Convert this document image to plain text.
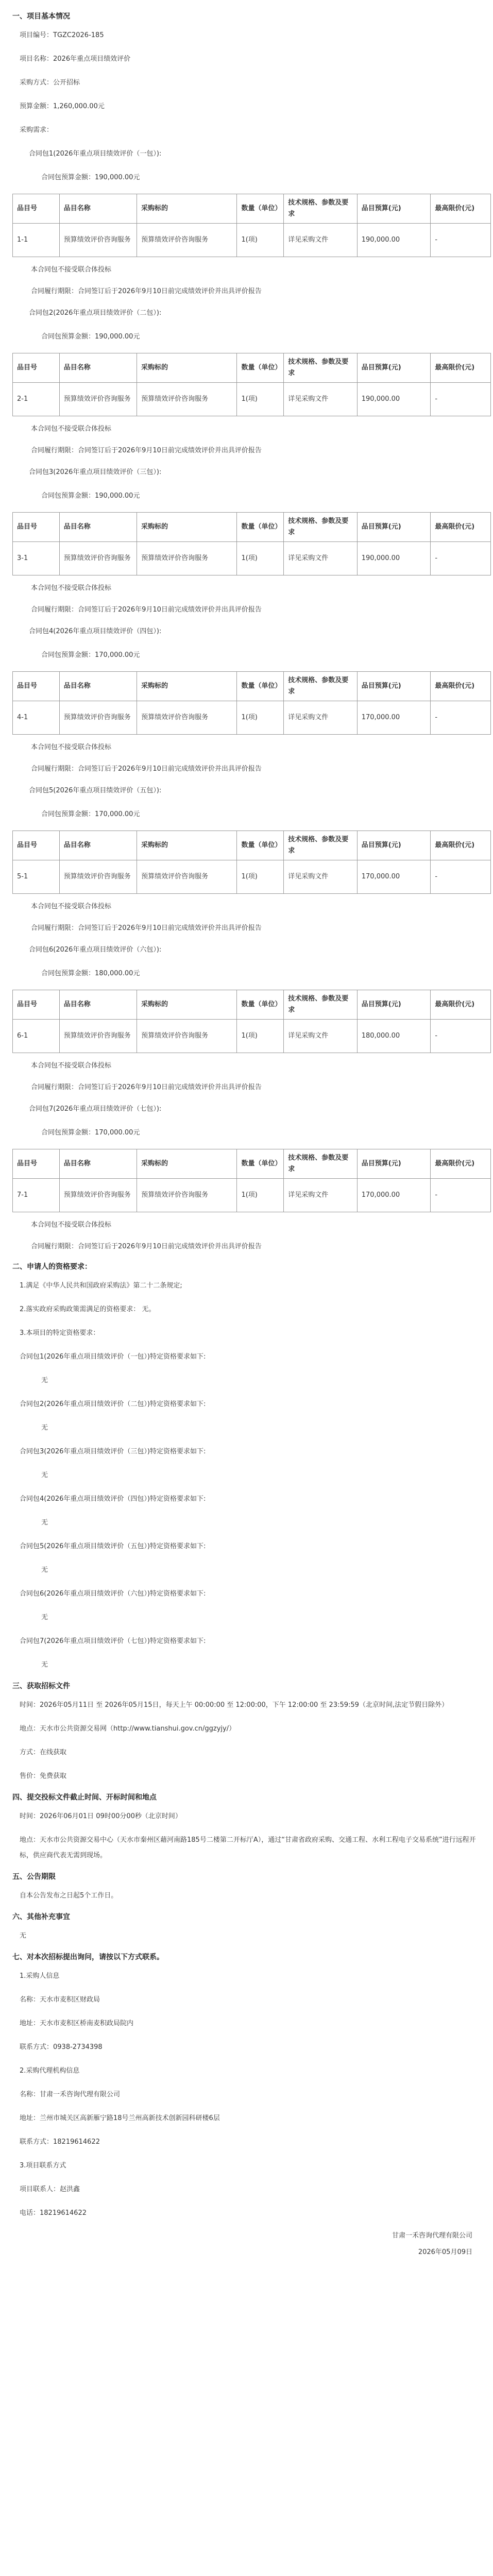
一、项目基本情况
项目编号：TGZC2026-185
项目名称：2026年重点项目绩效评价
采购方式：公开招标
预算金额：1,260,000.00元
采购需求：
合同包1(2026年重点项目绩效评价（一包）):
合同包预算金额：190,000.00元
品目号	品目名称	采购标的	数量（单位）	技术规格、参数及要求	品目预算(元)	最高限价(元)
1-1	预算绩效评价咨询服务	预算绩效评价咨询服务	1(项)	详见采购文件	190,000.00	-
本合同包不接受联合体投标
合同履行期限：合同签订后于2026年9月10日前完成绩效评价并出具评价报告
合同包2(2026年重点项目绩效评价（二包）):
合同包预算金额：190,000.00元
品目号	品目名称	采购标的	数量（单位）	技术规格、参数及要求	品目预算(元)	最高限价(元)
2-1	预算绩效评价咨询服务	预算绩效评价咨询服务	1(项)	详见采购文件	190,000.00	-
本合同包不接受联合体投标
合同履行期限：合同签订后于2026年9月10日前完成绩效评价并出具评价报告
合同包3(2026年重点项目绩效评价（三包）):
合同包预算金额：190,000.00元
品目号	品目名称	采购标的	数量（单位）	技术规格、参数及要求	品目预算(元)	最高限价(元)
3-1	预算绩效评价咨询服务	预算绩效评价咨询服务	1(项)	详见采购文件	190,000.00	-
本合同包不接受联合体投标
合同履行期限：合同签订后于2026年9月10日前完成绩效评价并出具评价报告
合同包4(2026年重点项目绩效评价（四包）):
合同包预算金额：170,000.00元
品目号	品目名称	采购标的	数量（单位）	技术规格、参数及要求	品目预算(元)	最高限价(元)
4-1	预算绩效评价咨询服务	预算绩效评价咨询服务	1(项)	详见采购文件	170,000.00	-
本合同包不接受联合体投标
合同履行期限：合同签订后于2026年9月10日前完成绩效评价并出具评价报告
合同包5(2026年重点项目绩效评价（五包）):
合同包预算金额：170,000.00元
品目号	品目名称	采购标的	数量（单位）	技术规格、参数及要求	品目预算(元)	最高限价(元)
5-1	预算绩效评价咨询服务	预算绩效评价咨询服务	1(项)	详见采购文件	170,000.00	-
本合同包不接受联合体投标
合同履行期限：合同签订后于2026年9月10日前完成绩效评价并出具评价报告
合同包6(2026年重点项目绩效评价（六包）):
合同包预算金额：180,000.00元
品目号	品目名称	采购标的	数量（单位）	技术规格、参数及要求	品目预算(元)	最高限价(元)
6-1	预算绩效评价咨询服务	预算绩效评价咨询服务	1(项)	详见采购文件	180,000.00	-
本合同包不接受联合体投标
合同履行期限：合同签订后于2026年9月10日前完成绩效评价并出具评价报告
合同包7(2026年重点项目绩效评价（七包）):
合同包预算金额：170,000.00元
品目号	品目名称	采购标的	数量（单位）	技术规格、参数及要求	品目预算(元)	最高限价(元)
7-1	预算绩效评价咨询服务	预算绩效评价咨询服务	1(项)	详见采购文件	170,000.00	-
本合同包不接受联合体投标
合同履行期限：合同签订后于2026年9月10日前完成绩效评价并出具评价报告
二、申请人的资格要求：
1.满足《中华人民共和国政府采购法》第二十二条规定;
2.落实政府采购政策需满足的资格要求： 无。
3.本项目的特定资格要求：
合同包1(2026年重点项目绩效评价（一包）)特定资格要求如下:
无
合同包2(2026年重点项目绩效评价（二包）)特定资格要求如下:
无
合同包3(2026年重点项目绩效评价（三包）)特定资格要求如下:
无
合同包4(2026年重点项目绩效评价（四包）)特定资格要求如下:
无
合同包5(2026年重点项目绩效评价（五包）)特定资格要求如下:
无
合同包6(2026年重点项目绩效评价（六包）)特定资格要求如下:
无
合同包7(2026年重点项目绩效评价（七包）)特定资格要求如下:
无
三、获取招标文件
时间：2026年05月11日 至 2026年05月15日，每天上午 00:00:00 至 12:00:00，下午 12:00:00 至 23:59:59（北京时间,法定节假日除外）
地点：天水市公共资源交易网（http://www.tianshui.gov.cn/ggzyjy/）
方式：在线获取
售价：免费获取
四、提交投标文件截止时间、开标时间和地点
时间：2026年06月01日 09时00分00秒（北京时间）
地点：天水市公共资源交易中心（天水市秦州区藉河南路185号二楼第二开标厅A），通过“甘肃省政府采购、交通工程、水利工程电子交易系统”进行远程开标，供应商代表无需到现场。
五、公告期限
自本公告发布之日起5个工作日。
六、其他补充事宜
无
七、对本次招标提出询问，请按以下方式联系。
1.采购人信息
名称：天水市麦积区财政局
地址：天水市麦积区桥南麦积政局院内
联系方式：0938-2734398
2.采购代理机构信息
名称：甘肃一禾咨询代理有限公司
地址：兰州市城关区高新雁宁路18号兰州高新技术创新园科研楼6层
联系方式：18219614622
3.项目联系方式
项目联系人：赵洪鑫
电话：18219614622
甘肃一禾咨询代理有限公司
2026年05月09日
